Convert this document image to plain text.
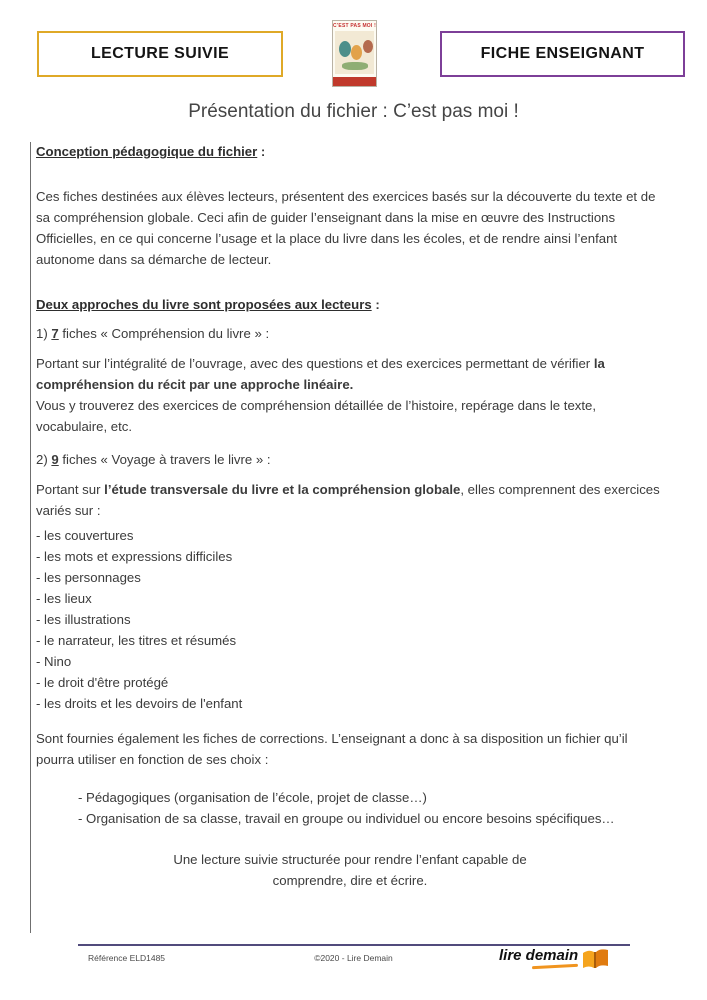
LECTURE SUIVIE
C’EST PAS MOI !
FICHE ENSEIGNANT
Présentation du fichier : C’est pas moi !

Conception pédagogique du fichier :

Ces fiches destinées aux élèves lecteurs, présentent des exercices basés sur la découverte du texte et de sa compréhension globale. Ceci afin de guider l’enseignant dans la mise en œuvre des Instructions Officielles, en ce qui concerne l’usage et la place du livre dans les écoles, et de rendre ainsi l’enfant autonome dans sa démarche de lecteur.

Deux approches du livre sont proposées aux lecteurs :

1) 7 fiches « Compréhension du livre » :

Portant sur l’intégralité de l’ouvrage, avec des questions et des exercices permettant de vérifier la compréhension du récit par une approche linéaire.
Vous y trouverez des exercices de compréhension détaillée de l’histoire, repérage dans le texte, vocabulaire, etc.

2) 9 fiches « Voyage à travers le livre » :

Portant sur l’étude transversale du livre et la compréhension globale, elles comprennent des exercices variés sur :

- les couvertures
- les mots et expressions difficiles
- les personnages
- les lieux
- les illustrations
- le narrateur, les titres et résumés
- Nino
- le droit d'être protégé
- les droits et les devoirs de l'enfant

Sont fournies également les fiches de corrections. L’enseignant a donc à sa disposition un fichier qu’il pourra utiliser en fonction de ses choix :

- Pédagogiques (organisation de l’école, projet de classe…)
- Organisation de sa classe, travail en groupe ou individuel ou encore besoins spécifiques…

Une lecture suivie structurée pour rendre l’enfant capable de
comprendre, dire et écrire.

Référence ELD1485	©2020 - Lire Demain	lire demain
